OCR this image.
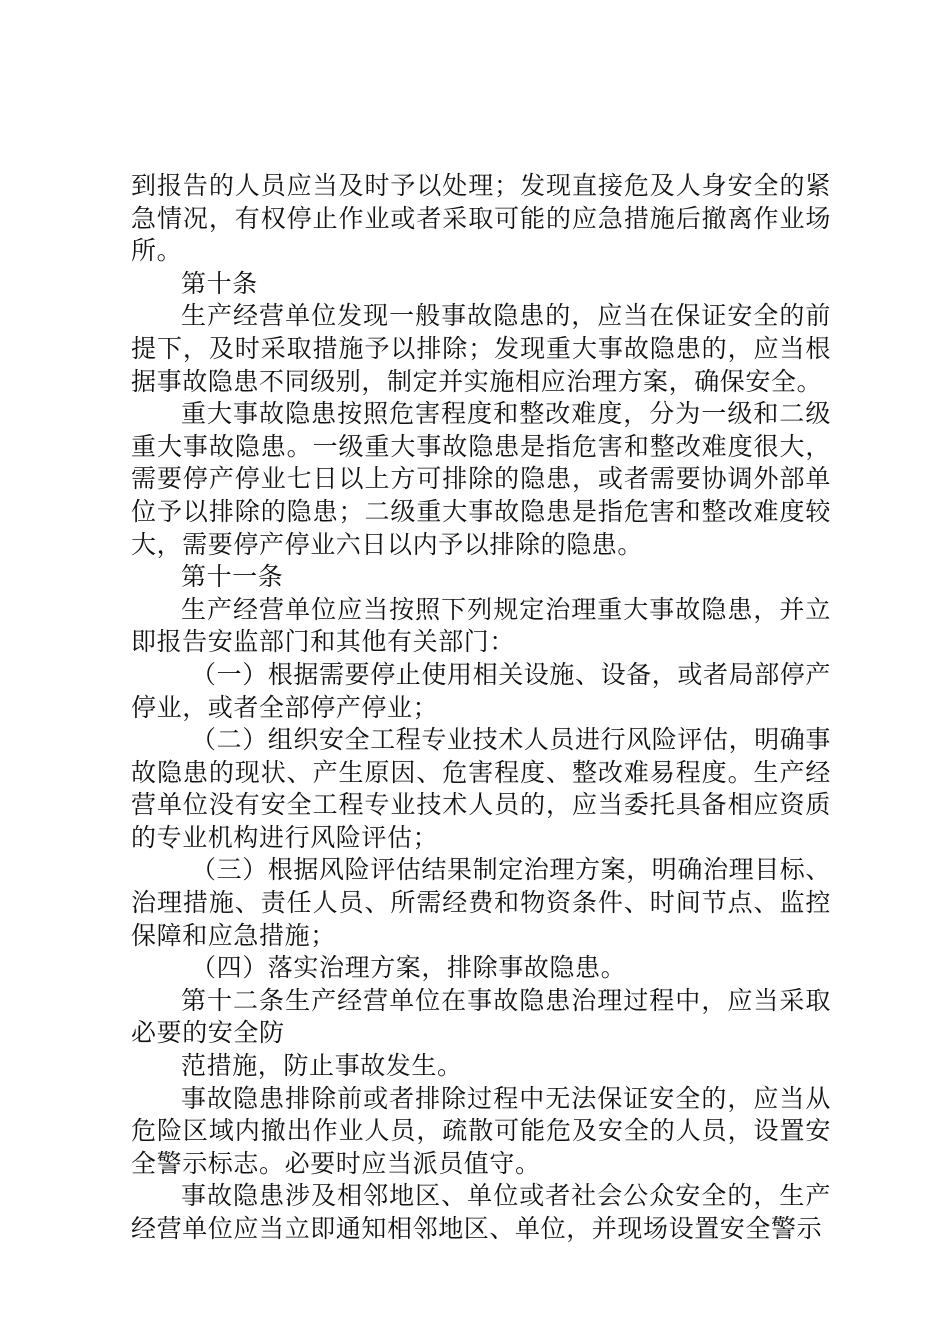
到报告的人员应当及时予以处理；发现直接危及人身安全的紧急情况，有权停止作业或者采取可能的应急措施后撤离作业场所。

第十条

生产经营单位发现一般事故隐患的，应当在保证安全的前提下，及时采取措施予以排除；发现重大事故隐患的，应当根据事故隐患不同级别，制定并实施相应治理方案，确保安全。

重大事故隐患按照危害程度和整改难度，分为一级和二级重大事故隐患。一级重大事故隐患是指危害和整改难度很大，需要停产停业七日以上方可排除的隐患，或者需要协调外部单位予以排除的隐患；二级重大事故隐患是指危害和整改难度较大，需要停产停业六日以内予以排除的隐患。

第十一条

生产经营单位应当按照下列规定治理重大事故隐患，并立即报告安监部门和其他有关部门：

（一）根据需要停止使用相关设施、设备，或者局部停产停业，或者全部停产停业；

（二）组织安全工程专业技术人员进行风险评估，明确事故隐患的现状、产生原因、危害程度、整改难易程度。生产经营单位没有安全工程专业技术人员的，应当委托具备相应资质的专业机构进行风险评估；

（三）根据风险评估结果制定治理方案，明确治理目标、治理措施、责任人员、所需经费和物资条件、时间节点、监控保障和应急措施；

（四）落实治理方案，排除事故隐患。

第十二条生产经营单位在事故隐患治理过程中，应当采取必要的安全防

范措施，防止事故发生。

事故隐患排除前或者排除过程中无法保证安全的，应当从危险区域内撤出作业人员，疏散可能危及安全的人员，设置安全警示标志。必要时应当派员值守。

事故隐患涉及相邻地区、单位或者社会公众安全的，生产经营单位应当立即通知相邻地区、单位，并现场设置安全警示
